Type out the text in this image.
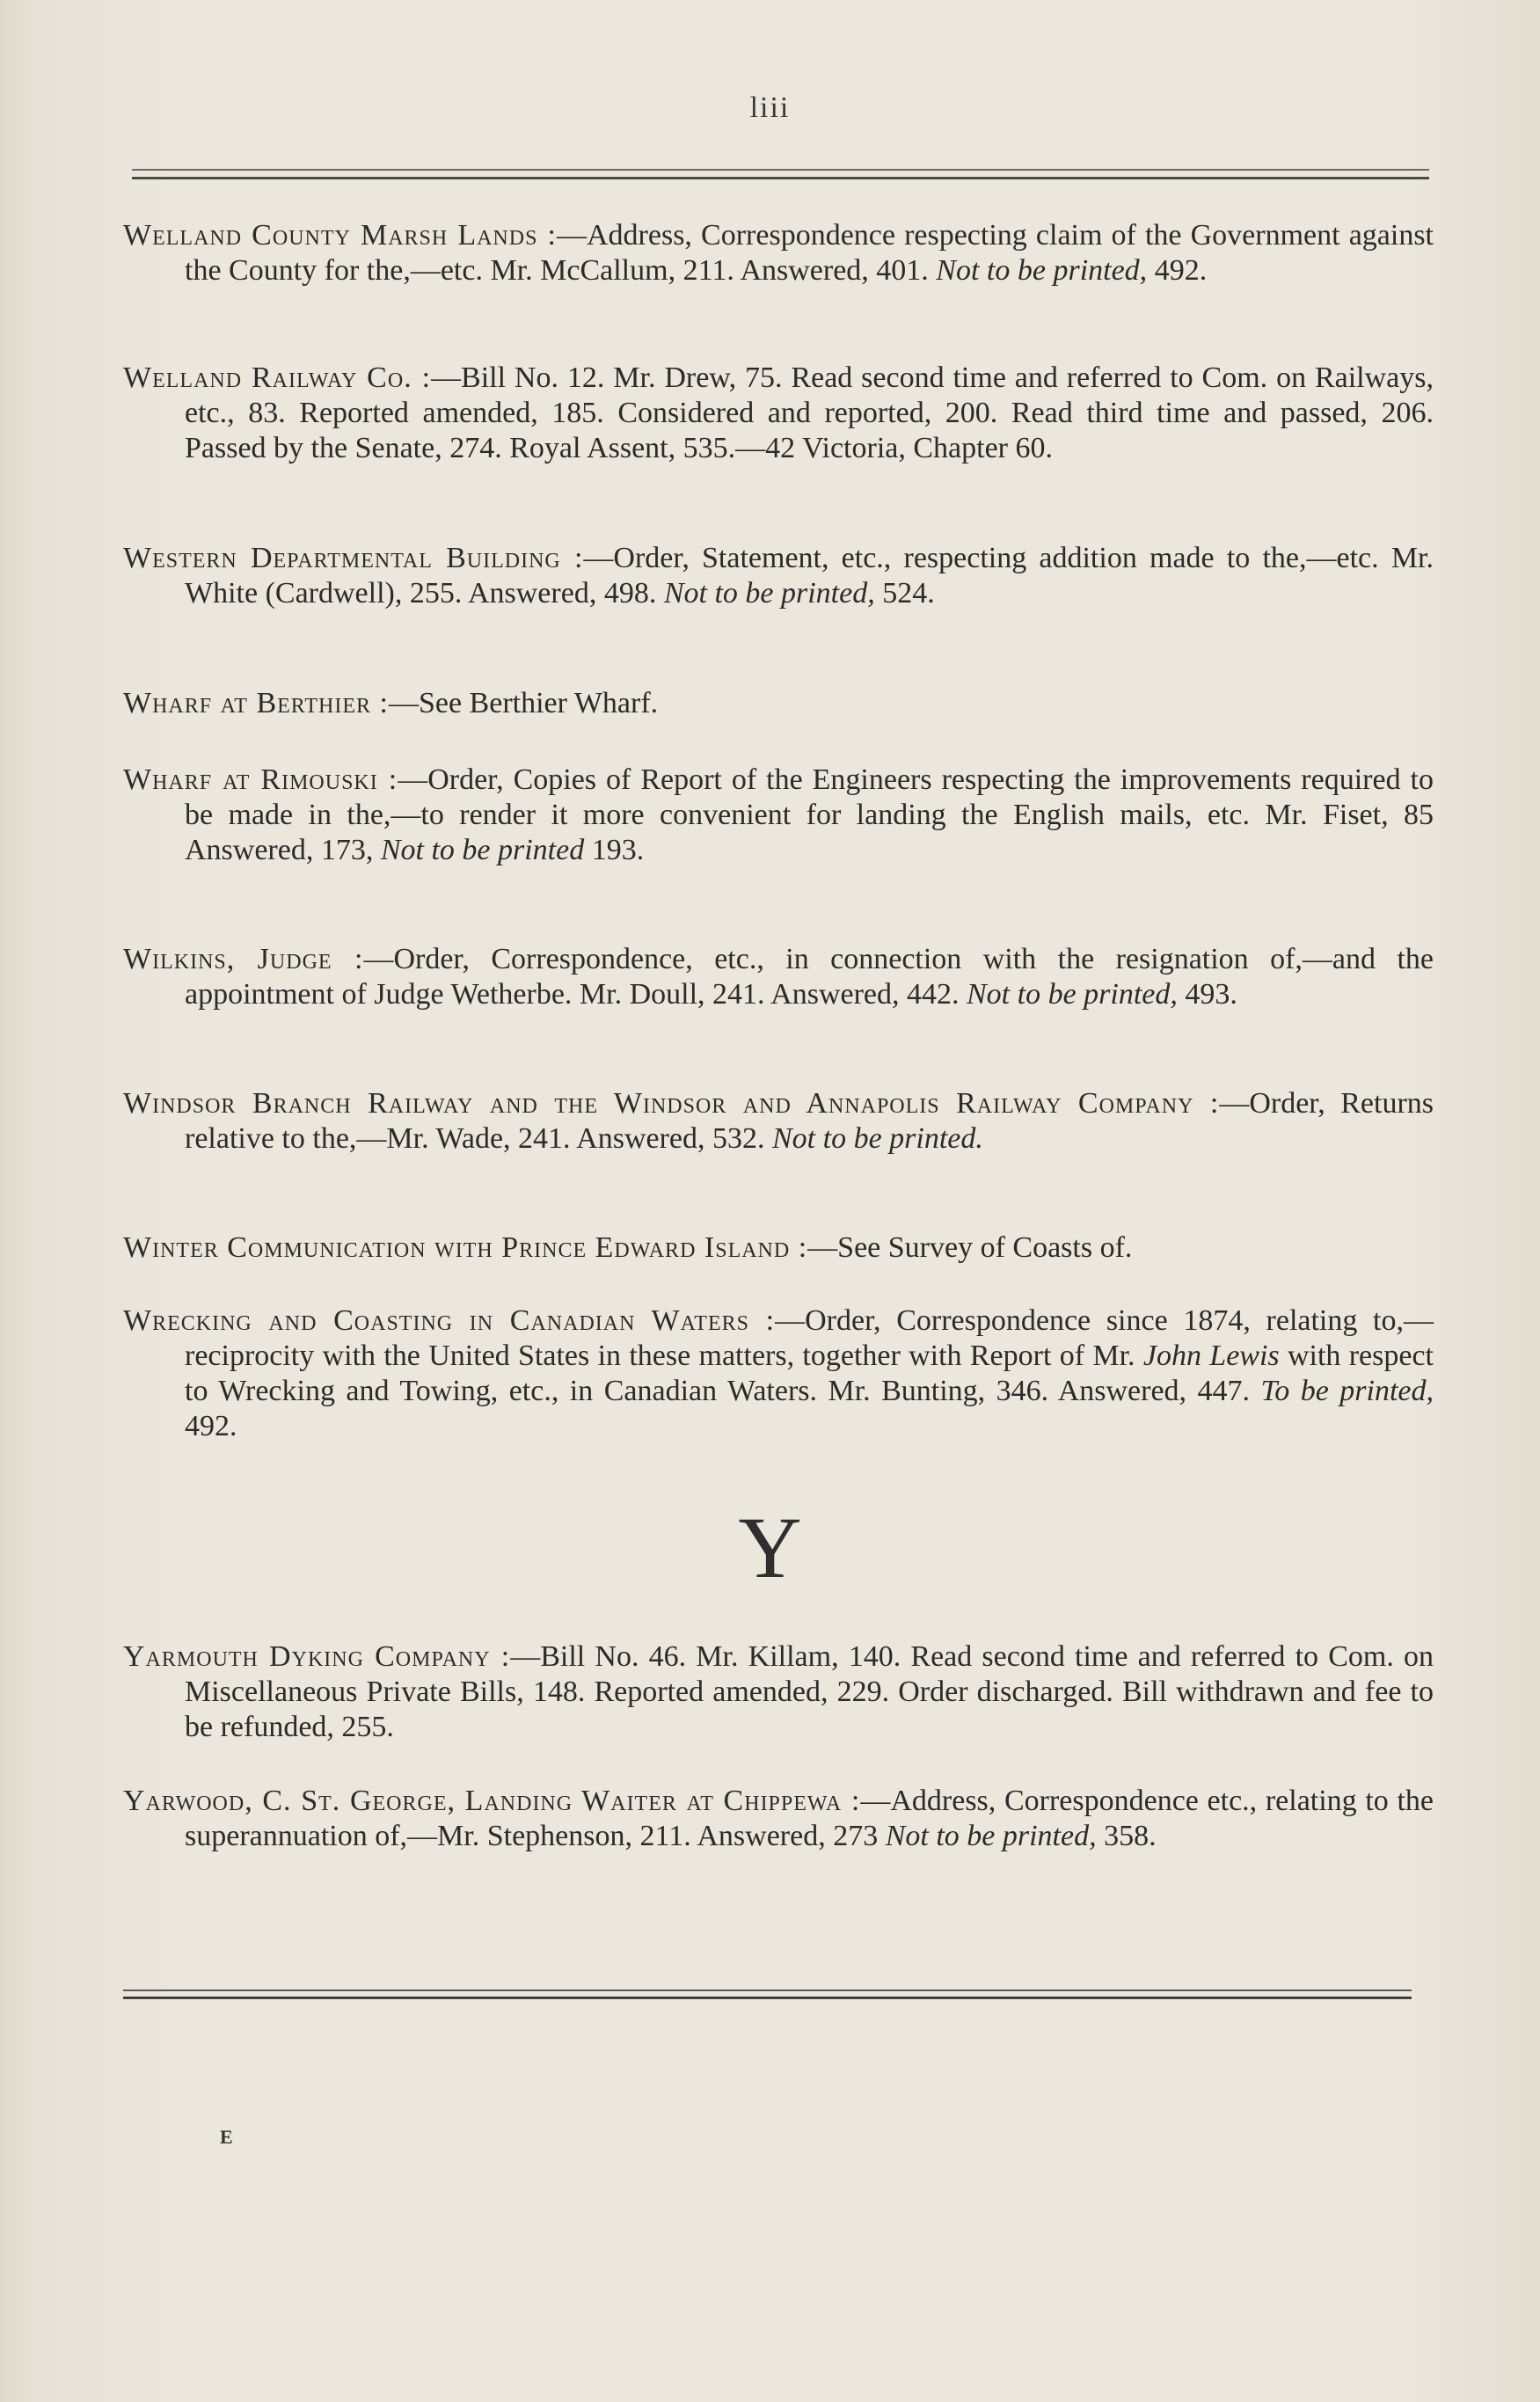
liii
Welland County Marsh Lands :—Address, Correspondence respecting claim of the Government against the County for the,—etc. Mr. McCallum, 211. Answered, 401. Not to be printed, 492.
Welland Railway Co. :—Bill No. 12. Mr. Drew, 75. Read second time and referred to Com. on Railways, etc., 83. Reported amended, 185. Considered and reported, 200. Read third time and passed, 206. Passed by the Senate, 274. Royal Assent, 535.—42 Victoria, Chapter 60.
Western Departmental Building :—Order, Statement, etc., respecting addition made to the,—etc. Mr. White (Cardwell), 255. Answered, 498. Not to be printed, 524.
Wharf at Berthier :—See Berthier Wharf.
Wharf at Rimouski :—Order, Copies of Report of the Engineers respecting the improvements required to be made in the,—to render it more convenient for landing the English mails, etc. Mr. Fiset, 85 Answered, 173, Not to be printed 193.
Wilkins, Judge :—Order, Correspondence, etc., in connection with the resignation of,—and the appointment of Judge Wetherbe. Mr. Doull, 241. Answered, 442. Not to be printed, 493.
Windsor Branch Railway and the Windsor and Annapolis Railway Company :—Order, Returns relative to the,—Mr. Wade, 241. Answered, 532. Not to be printed.
Winter Communication with Prince Edward Island :—See Survey of Coasts of.
Wrecking and Coasting in Canadian Waters :—Order, Correspondence since 1874, relating to,—reciprocity with the United States in these matters, together with Report of Mr. John Lewis with respect to Wrecking and Towing, etc., in Canadian Waters. Mr. Bunting, 346. Answered, 447. To be printed, 492.
Yarmouth Dyking Company :—Bill No. 46. Mr. Killam, 140. Read second time and referred to Com. on Miscellaneous Private Bills, 148. Reported amended, 229. Order discharged. Bill withdrawn and fee to be refunded, 255.
Yarwood, C. St. George, Landing Waiter at Chippewa :—Address, Correspondence etc., relating to the superannuation of,—Mr. Stephenson, 211. Answered, 273 Not to be printed, 358.
Y
E
